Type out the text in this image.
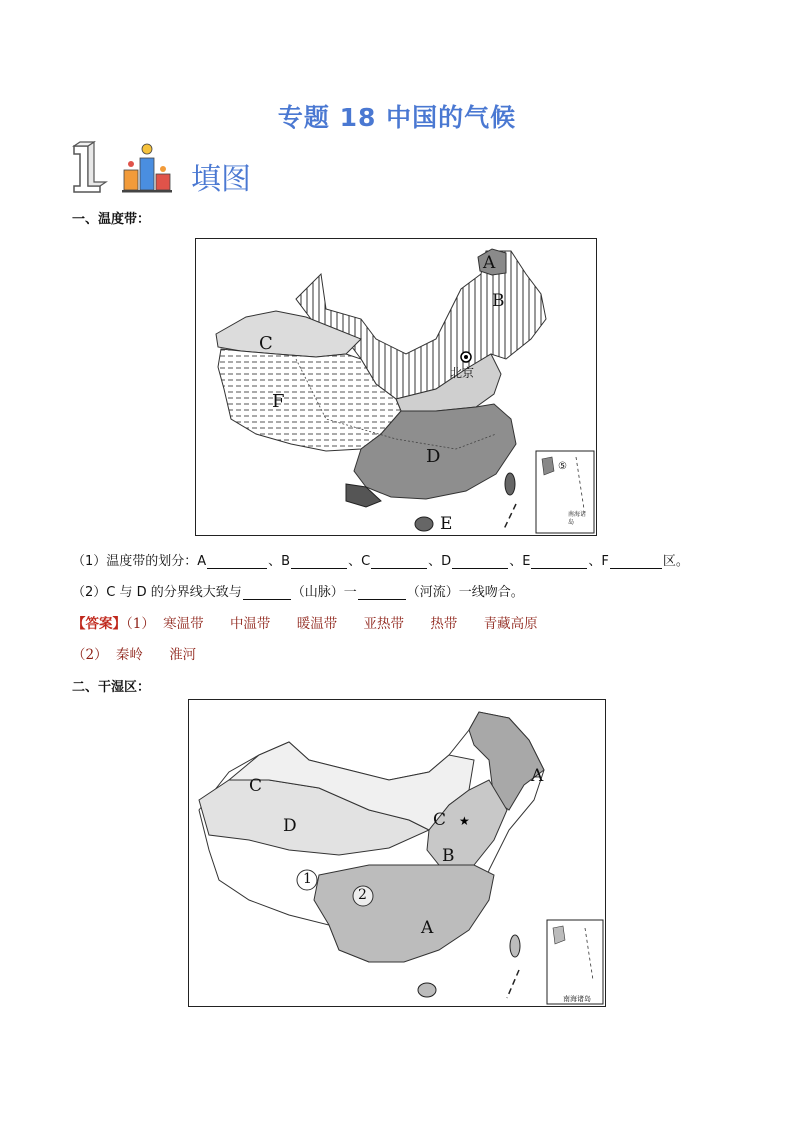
专题 18 中国的气候
填图
一、温度带：
A
B
C
F
D
E
北京
⑤
南海诸岛
（1）温度带的划分：A	、B	、C	、D	、E	、F	区。
（2）C 与 D 的分界线大致与	（山脉）一	（河流）一线吻合。
【答案】（1） 寒温带 中温带 暖温带 亚热带 热带 青藏高原
（2） 秦岭 淮河
二、干湿区：
★
A
C
D	C
B
A
1
2
南海诸岛
